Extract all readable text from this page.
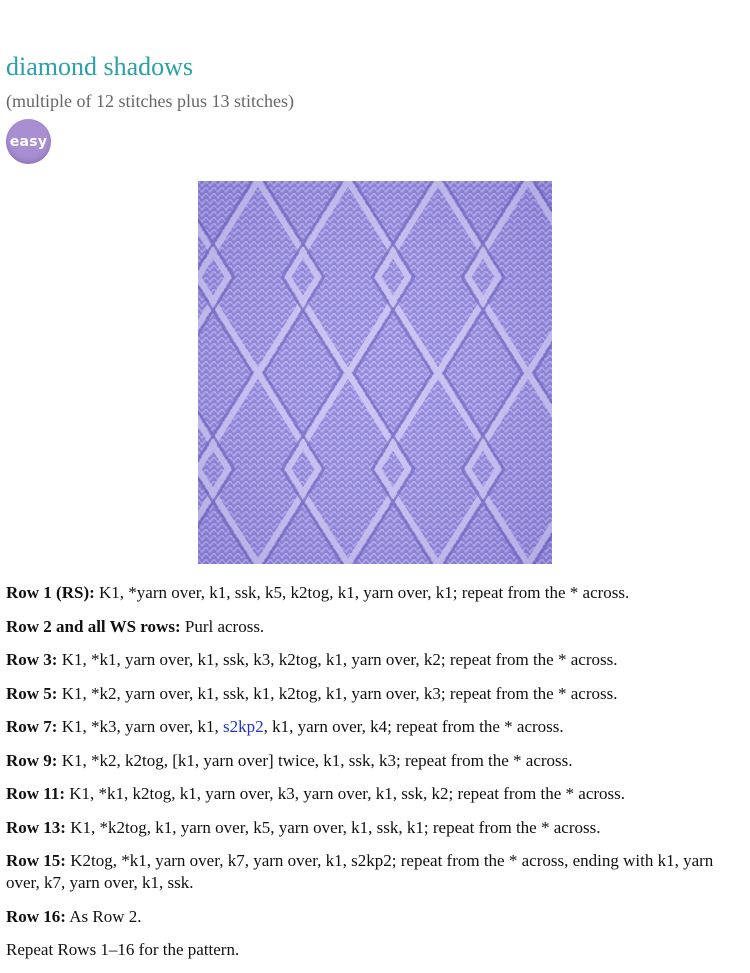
diamond shadows
(multiple of 12 stitches plus 13 stitches)
easy

Row 1 (RS): K1, *yarn over, k1, ssk, k5, k2tog, k1, yarn over, k1; repeat from the * across.

Row 2 and all WS rows: Purl across.

Row 3: K1, *k1, yarn over, k1, ssk, k3, k2tog, k1, yarn over, k2; repeat from the * across.

Row 5: K1, *k2, yarn over, k1, ssk, k1, k2tog, k1, yarn over, k3; repeat from the * across.

Row 7: K1, *k3, yarn over, k1, s2kp2, k1, yarn over, k4; repeat from the * across.

Row 9: K1, *k2, k2tog, [k1, yarn over] twice, k1, ssk, k3; repeat from the * across.

Row 11: K1, *k1, k2tog, k1, yarn over, k3, yarn over, k1, ssk, k2; repeat from the * across.

Row 13: K1, *k2tog, k1, yarn over, k5, yarn over, k1, ssk, k1; repeat from the * across.

Row 15: K2tog, *k1, yarn over, k7, yarn over, k1, s2kp2; repeat from the * across, ending with k1, yarn over, k7, yarn over, k1, ssk.

Row 16: As Row 2.

Repeat Rows 1–16 for the pattern.
